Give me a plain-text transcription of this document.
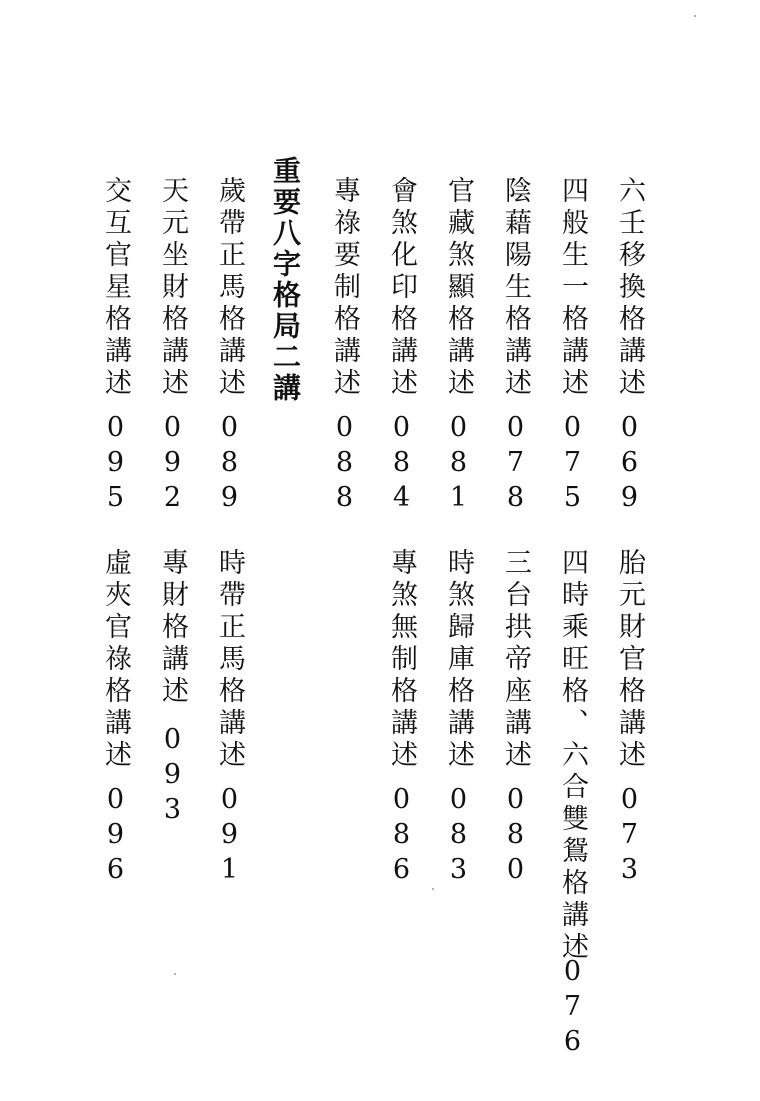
六壬移換格講述
069
四般生一格講述
075
陰藉陽生格講述
078
官藏煞顯格講述
081
會煞化印格講述
084
專祿要制格講述
088
重要八字格局二講
歲帶正馬格講述
089
天元坐財格講述
092
交互官星格講述
095
胎元財官格講述
073
四時乘旺格、六合雙鴛格講述
076
三台拱帝座講述
080
時煞歸庫格講述
083
專煞無制格講述
086
時帶正馬格講述
091
專財格講述
093
虛夾官祿格講述
096
